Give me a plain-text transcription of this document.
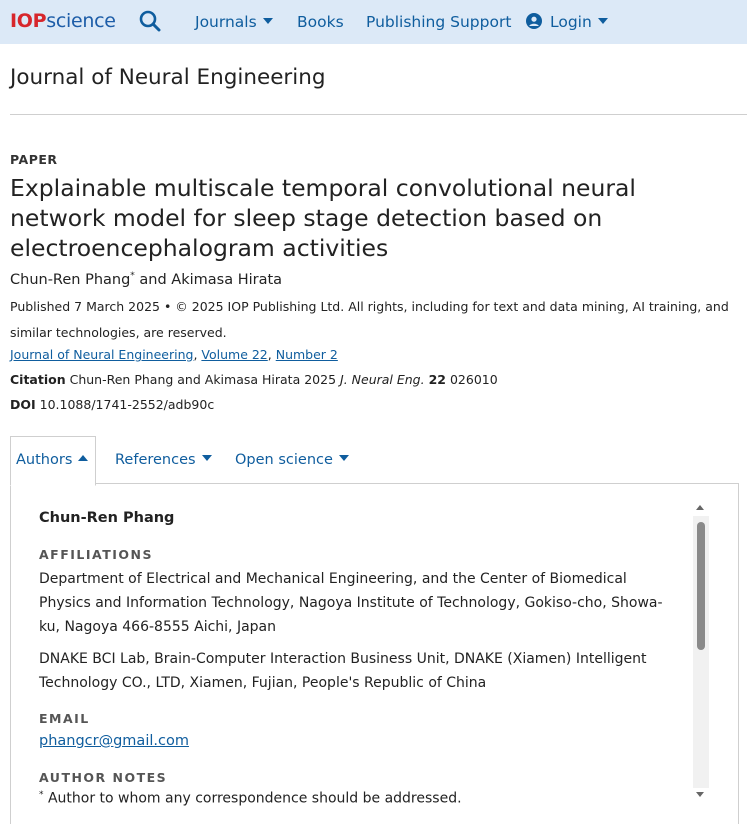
IOPscience	Journals	Books Publishing Support	Login
Journal of Neural Engineering
PAPER
Explainable multiscale temporal convolutional neural network model for sleep stage detection based on electroencephalogram activities
Chun-Ren Phang* and Akimasa Hirata
Published 7 March 2025 • © 2025 IOP Publishing Ltd. All rights, including for text and data mining, AI training, and similar technologies, are reserved.
Journal of Neural Engineering, Volume 22, Number 2
Citation Chun-Ren Phang and Akimasa Hirata 2025 J. Neural Eng. 22 026010
DOI 10.1088/1741-2552/adb90c
Authors	References	Open science
Chun-Ren Phang
AFFILIATIONS
Department of Electrical and Mechanical Engineering, and the Center of Biomedical Physics and Information Technology, Nagoya Institute of Technology, Gokiso-cho, Showa-ku, Nagoya 466-8555 Aichi, Japan
DNAKE BCI Lab, Brain-Computer Interaction Business Unit, DNAKE (Xiamen) Intelligent Technology CO., LTD, Xiamen, Fujian, People's Republic of China
EMAIL
phangcr@gmail.com
AUTHOR NOTES
* Author to whom any correspondence should be addressed.
